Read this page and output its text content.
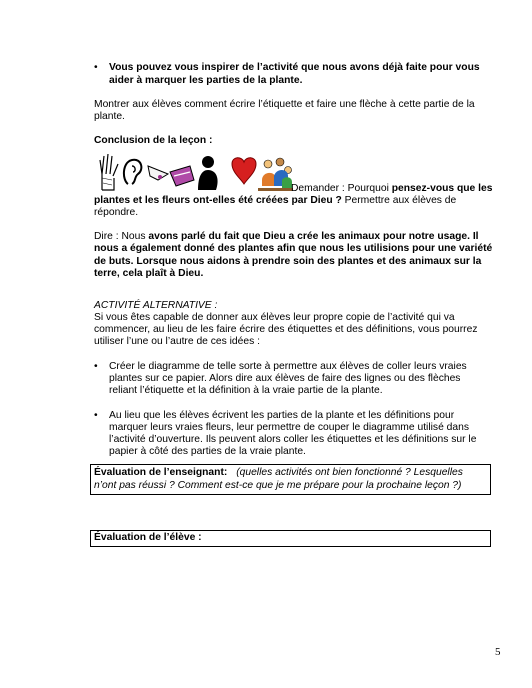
• Vous pouvez vous inspirer de l’activité que nous avons déjà faite pour vous
aider à marquer les parties de la plante.
Montrer aux élèves comment écrire l’étiquette et faire une flèche à cette partie de la
plante.
Conclusion de la leçon :
Demander : Pourquoi pensez-vous que les
plantes et les fleurs ont-elles été créées par Dieu ? Permettre aux élèves de
répondre.
Dire : Nous avons parlé du fait que Dieu a crée les animaux pour notre usage. Il
nous a également donné des plantes afin que nous les utilisions pour une variété
de buts. Lorsque nous aidons à prendre soin des plantes et des animaux sur la
terre, cela plaît à Dieu.
ACTIVITÉ ALTERNATIVE :
Si vous êtes capable de donner aux élèves leur propre copie de l’activité qui va
commencer, au lieu de les faire écrire des étiquettes et des définitions, vous pourrez
utiliser l’une ou l’autre de ces idées :
• Créer le diagramme de telle sorte à permettre aux élèves de coller leurs vraies
plantes sur ce papier. Alors dire aux élèves de faire des lignes ou des flèches
reliant l’étiquette et la définition à la vraie partie de la plante.
• Au lieu que les élèves écrivent les parties de la plante et les définitions pour
marquer leurs vraies fleurs, leur permettre de couper le diagramme utilisé dans
l’activité d’ouverture. Ils peuvent alors coller les étiquettes et les définitions sur le
papier à côté des parties de la vraie plante.
Évaluation de l’enseignant: (quelles activités ont bien fonctionné ? Lesquelles
n’ont pas réussi ? Comment est-ce que je me prépare pour la prochaine leçon ?)
Évaluation de l’élève :
5
